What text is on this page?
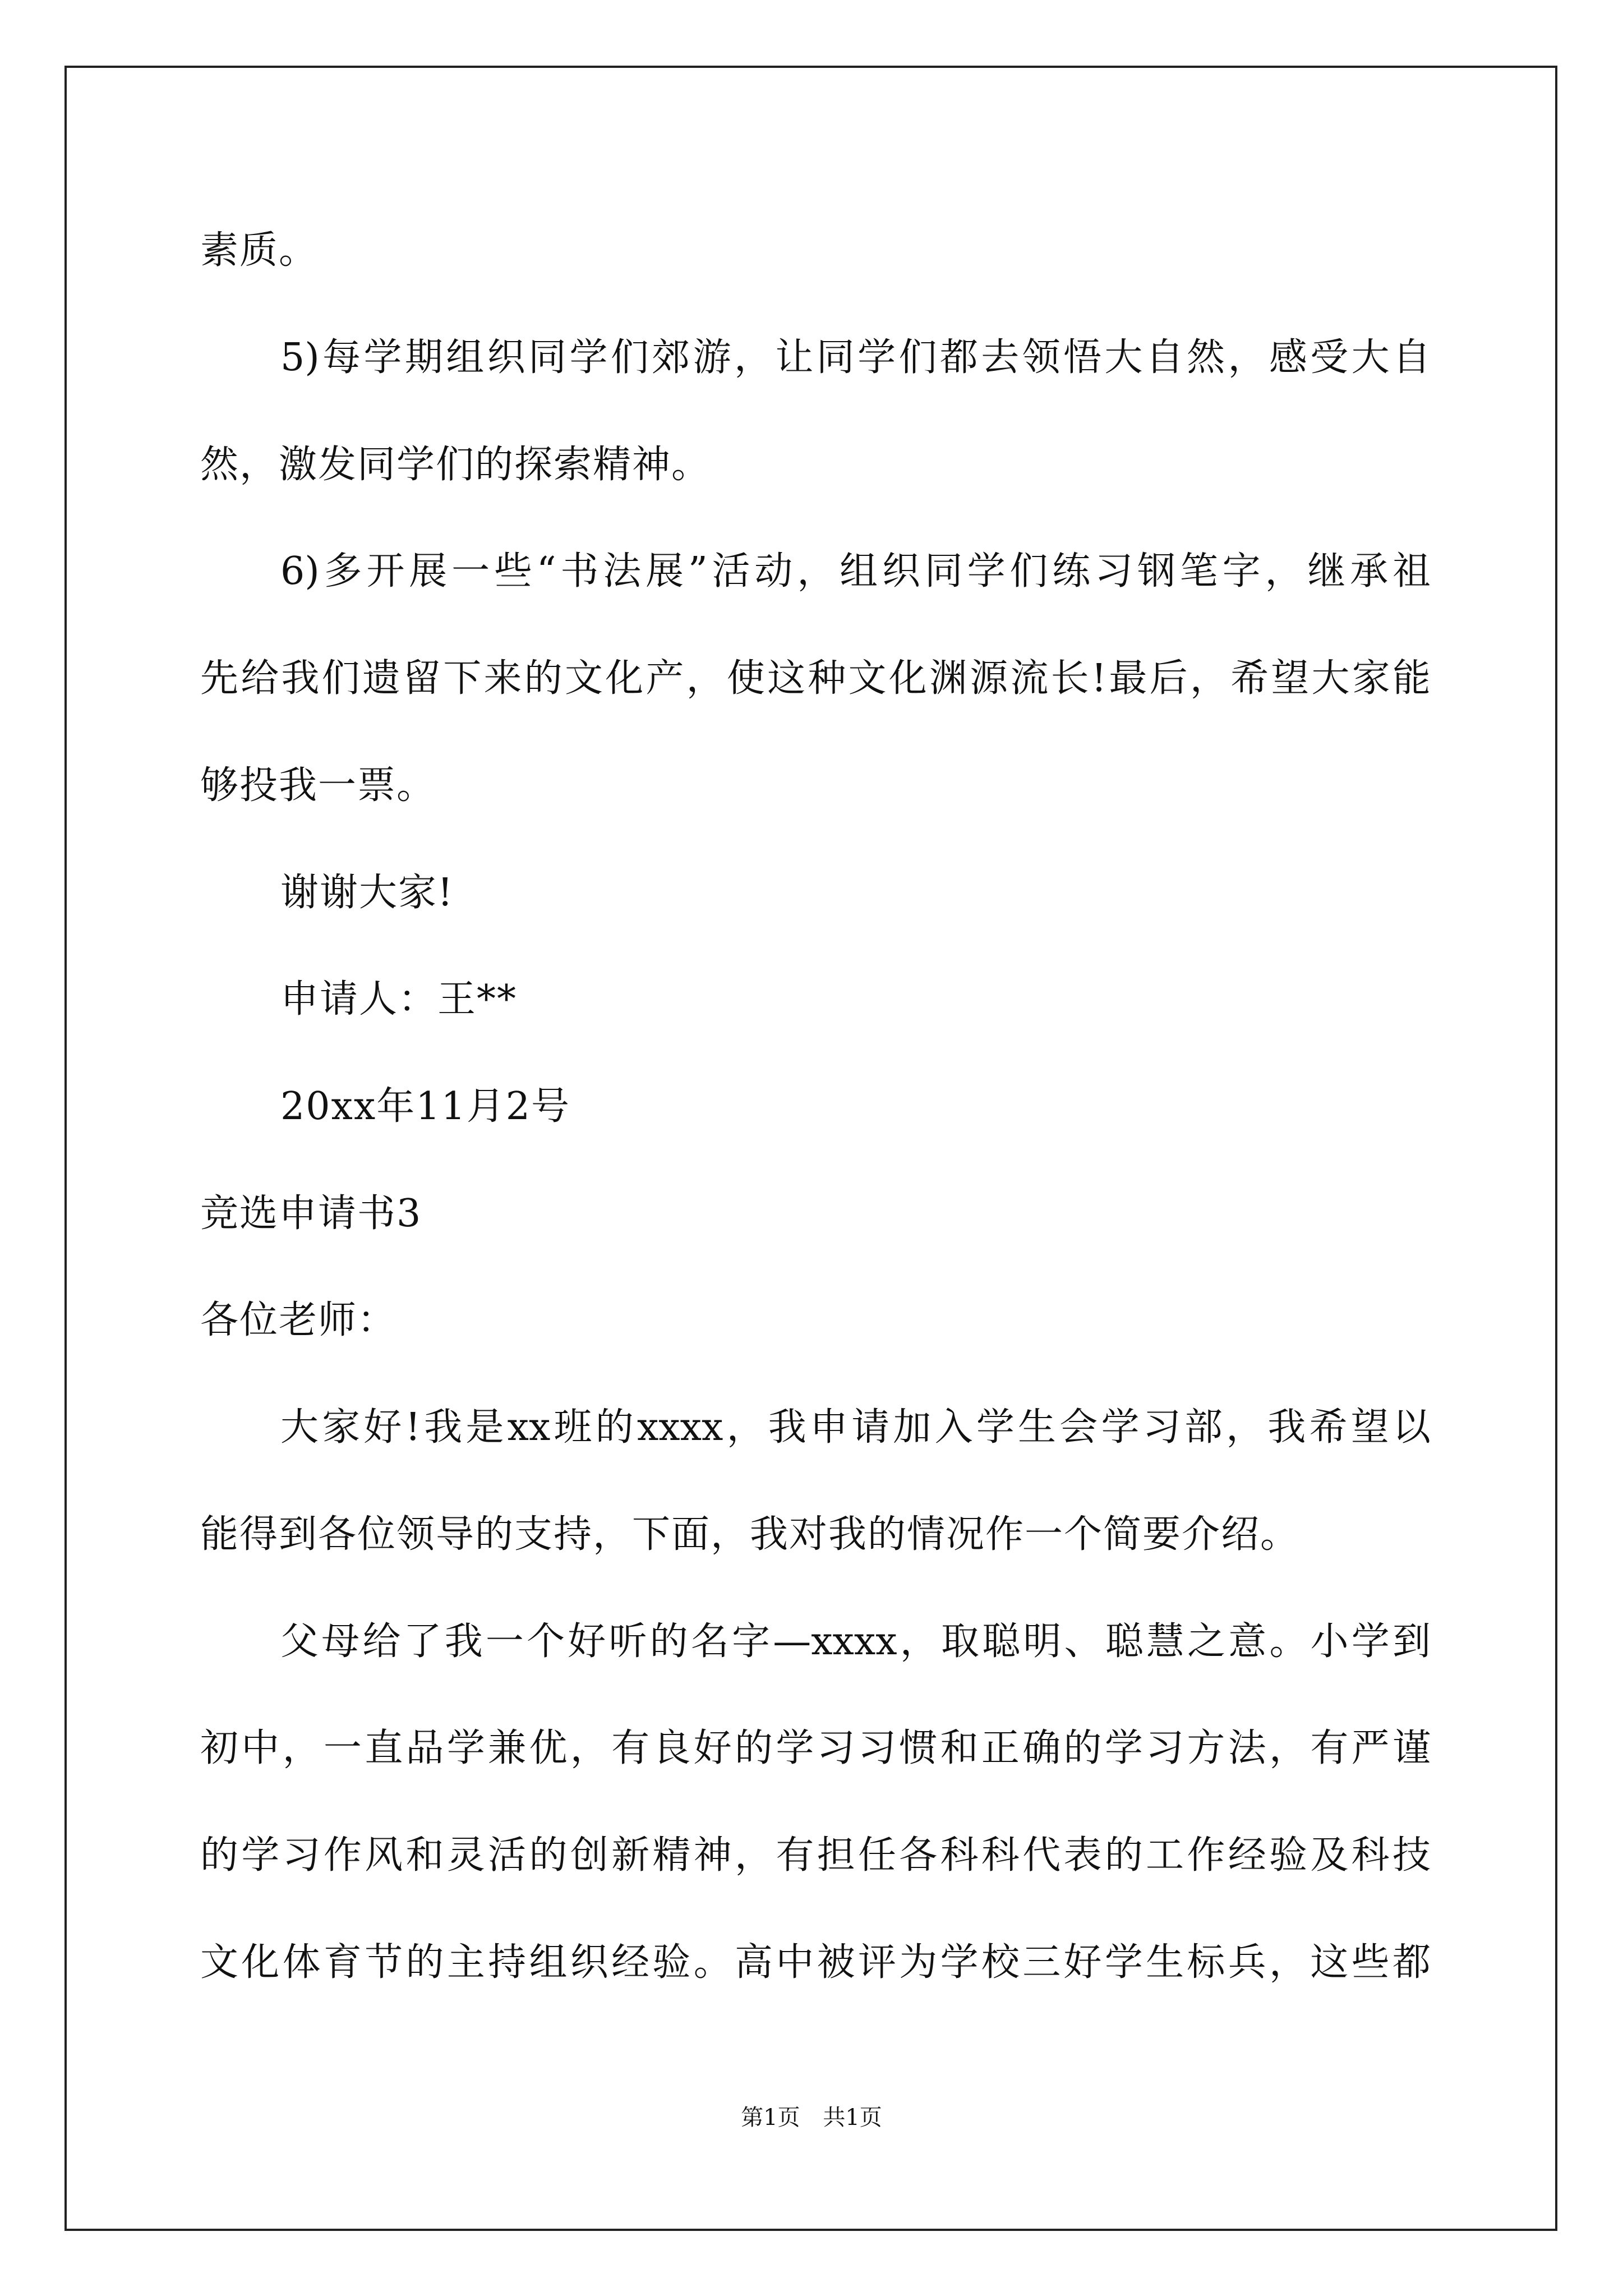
素质。
5)每学期组织同学们郊游，让同学们都去领悟大自然，感受大自
然，激发同学们的探索精神。
6)多开展一些“书法展”活动，组织同学们练习钢笔字，继承祖
先给我们遗留下来的文化产，使这种文化渊源流长!最后，希望大家能
够投我一票。
谢谢大家!
申请人：王**
20xx年11月2号
竞选申请书3
各位老师：
大家好!我是xx班的xxxx，我申请加入学生会学习部，我希望以
能得到各位领导的支持，下面，我对我的情况作一个简要介绍。
父母给了我一个好听的名字—xxxx，取聪明、聪慧之意。小学到
初中，一直品学兼优，有良好的学习习惯和正确的学习方法，有严谨
的学习作风和灵活的创新精神，有担任各科科代表的工作经验及科技
文化体育节的主持组织经验。高中被评为学校三好学生标兵，这些都
第1页 共1页
